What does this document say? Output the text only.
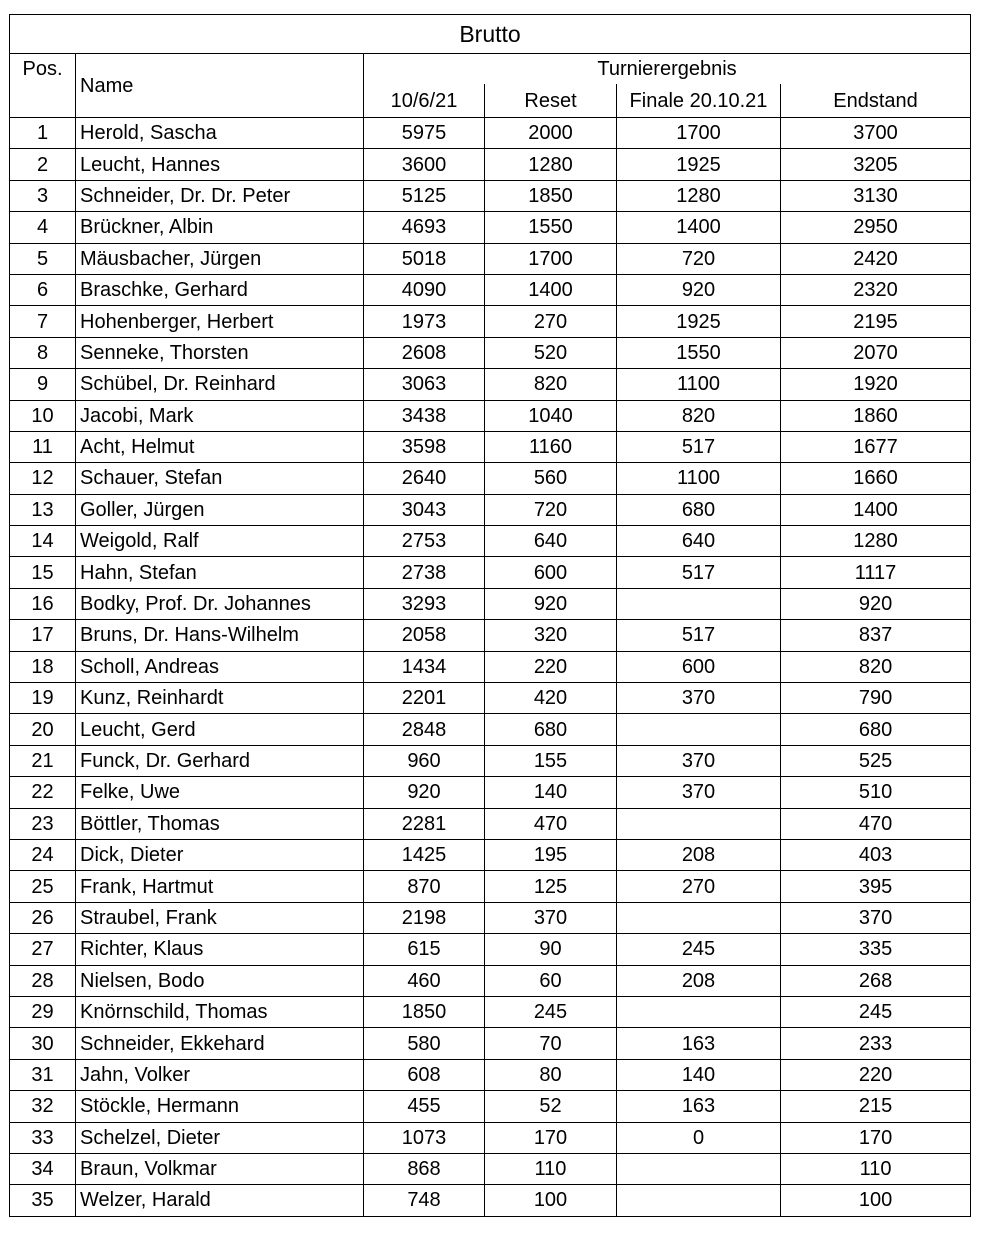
Brutto					
Pos.	Name	Turnierergebnis			
		10/6/21	Reset	Finale 20.10.21	Endstand
1	Herold, Sascha	5975	2000	1700	3700
2	Leucht, Hannes	3600	1280	1925	3205
3	Schneider, Dr. Dr. Peter	5125	1850	1280	3130
4	Brückner, Albin	4693	1550	1400	2950
5	Mäusbacher, Jürgen	5018	1700	720	2420
6	Braschke, Gerhard	4090	1400	920	2320
7	Hohenberger, Herbert	1973	270	1925	2195
8	Senneke, Thorsten	2608	520	1550	2070
9	Schübel, Dr. Reinhard	3063	820	1100	1920
10	Jacobi, Mark	3438	1040	820	1860
11	Acht, Helmut	3598	1160	517	1677
12	Schauer, Stefan	2640	560	1100	1660
13	Goller, Jürgen	3043	720	680	1400
14	Weigold, Ralf	2753	640	640	1280
15	Hahn, Stefan	2738	600	517	1117
16	Bodky, Prof. Dr. Johannes	3293	920		920
17	Bruns, Dr. Hans-Wilhelm	2058	320	517	837
18	Scholl, Andreas	1434	220	600	820
19	Kunz, Reinhardt	2201	420	370	790
20	Leucht, Gerd	2848	680		680
21	Funck, Dr. Gerhard	960	155	370	525
22	Felke, Uwe	920	140	370	510
23	Böttler, Thomas	2281	470		470
24	Dick, Dieter	1425	195	208	403
25	Frank, Hartmut	870	125	270	395
26	Straubel, Frank	2198	370		370
27	Richter, Klaus	615	90	245	335
28	Nielsen, Bodo	460	60	208	268
29	Knörnschild, Thomas	1850	245		245
30	Schneider, Ekkehard	580	70	163	233
31	Jahn, Volker	608	80	140	220
32	Stöckle, Hermann	455	52	163	215
33	Schelzel, Dieter	1073	170	0	170
34	Braun, Volkmar	868	110		110
35	Welzer, Harald	748	100		100
